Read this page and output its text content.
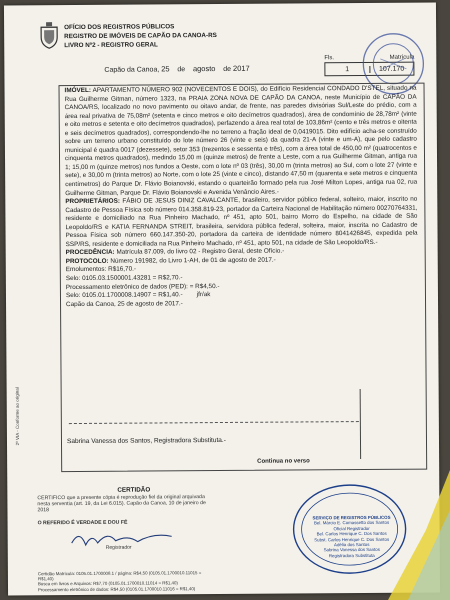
OFÍCIO DOS REGISTROS PÚBLICOS
REGISTRO DE IMÓVEIS DE CAPÃO DA CANOA-RS
LIVRO Nº2 - REGISTRO GERAL
Capão da Canoa, 25 de agosto de 2017
Fls.	Matrícula
1	107.170

IMÓVEL: APARTAMENTO NÚMERO 902 (NOVECENTOS E DOIS), do Edifício Residencial CONDADO D'STEL, situado na Rua Guilherme Gitman, número 1323, na PRAIA ZONA NOVA DE CAPÃO DA CANOA, neste Município de CAPÃO DA CANOA/RS, localizado no novo pavimento ou oitavo andar, de frente, nas paredes divisórias Sul/Leste do prédio, com a área real privativa de 75,08m² (setenta e cinco metros e oito decímetros quadrados), área de condomínio de 28,78m² (vinte e oito metros e setenta e oito decímetros quadrados), perfazendo a área real total de 103,86m² (cento e três metros e oitenta e seis decímetros quadrados), correspondendo-lhe no terreno a fração ideal de 0,0419015. Dito edifício acha-se construído sobre um terreno urbano constituído do lote número 26 (vinte e seis) da quadra 21-A (vinte e um-A), que pelo cadastro municipal é quadra 0017 (dezessete), setor 353 (trezentos e sessenta e três), com a área total de 450,00 m² (quatrocentos e cinquenta metros quadrados), medindo 15,00 m (quinze metros) de frente a Leste, com a rua Guilherme Gitman, antiga rua 1; 15,00 m (quinze metros) nos fundos a Oeste, com o lote nº 03 (três), 30,00 m (trinta metros) ao Sul, com o lote 27 (vinte e sete), e 30,00 m (trinta metros) ao Norte, com o lote 25 (vinte e cinco), distando 47,50 m (quarenta e sete metros e cinquenta centímetros) do Parque Dr. Flávio Boianovski, estando o quarteirão formado pela rua José Milton Lopes, antiga rua 02, rua Guilherme Gitman, Parque Dr. Flávio Boianovski e Avenida Venâncio Aires.-

PROPRIETÁRIOS: FÁBIO DE JESUS DINIZ CAVALCANTE, brasileiro, servidor público federal, solteiro, maior, inscrito no Cadastro de Pessoa Física sob número 014.358.819-23, portador da Carteira Nacional de Habilitação número 00270764331, residente e domiciliado na Rua Pinheiro Machado, nº 451, apto 501, bairro Morro do Espelho, na cidade de São Leopoldo/RS e KATIA FERNANDA STREIT, brasileira, servidora pública federal, solteira, maior, inscrita no Cadastro de Pessoa Física sob número 660.147.350-20, portadora da carteira de identidade número 8041426845, expedida pela SSP/RS, residente e domiciliada na Rua Pinheiro Machado, nº 451, apto 501, na cidade de São Leopoldo/RS.-

PROCEDÊNCIA: Matrícula 87.009, do livro 02 - Registro Geral, deste Ofício.-

PROTOCOLO: Número 191982, do Livro 1-AH, de 01 de agosto de 2017.-

Emolumentos: R$16,70.-

Selo: 0105.03.1500001.43281 = R$2,70.-

Processamento eletrônico de dados (PED): = R$4,50.-

Selo: 0105.01.1700008.14907 = R$1,40.- jfr/ak

Capão da Canoa, 25 de agosto de 2017.-

Sabrina Vanessa dos Santos, Registradora Substituta.-
Continua no verso
CERTIDÃO
CERTIFICO que a presente cópia é reprodução fiel da original arquivada nesta serventia (art. 19, da Lei 6.015). Capão da Canoa, 10 de janeiro de 2018
O REFERIDO É VERDADE E DOU FÉ
Registrador
Certidão Matrícula: 0105.01.1700008.1 / página: R$4,50 (0105.01.1700010.11015 = R$1,40)
Busca em livros e Arquivos: R$7,70 (0105.01.1700010.11014 = R$1,40)
Processamento eletrônico de dados: R$4,50 (0105.01.1700010.11016 = R$1,40)
2ª VIA - Conforme ao original
SERVIÇO DE REGISTROS PÚBLICOS
Bel. Márcio E. Comassetto dos Santos
Oficial Registrador
Bel. Carlos Henrique C. Dos Santos
Subst. Carlos Henrique C. Dos Santos
Adélia dos Santos
Sabrina Vanessa dos Santos
Registradora Substituta
